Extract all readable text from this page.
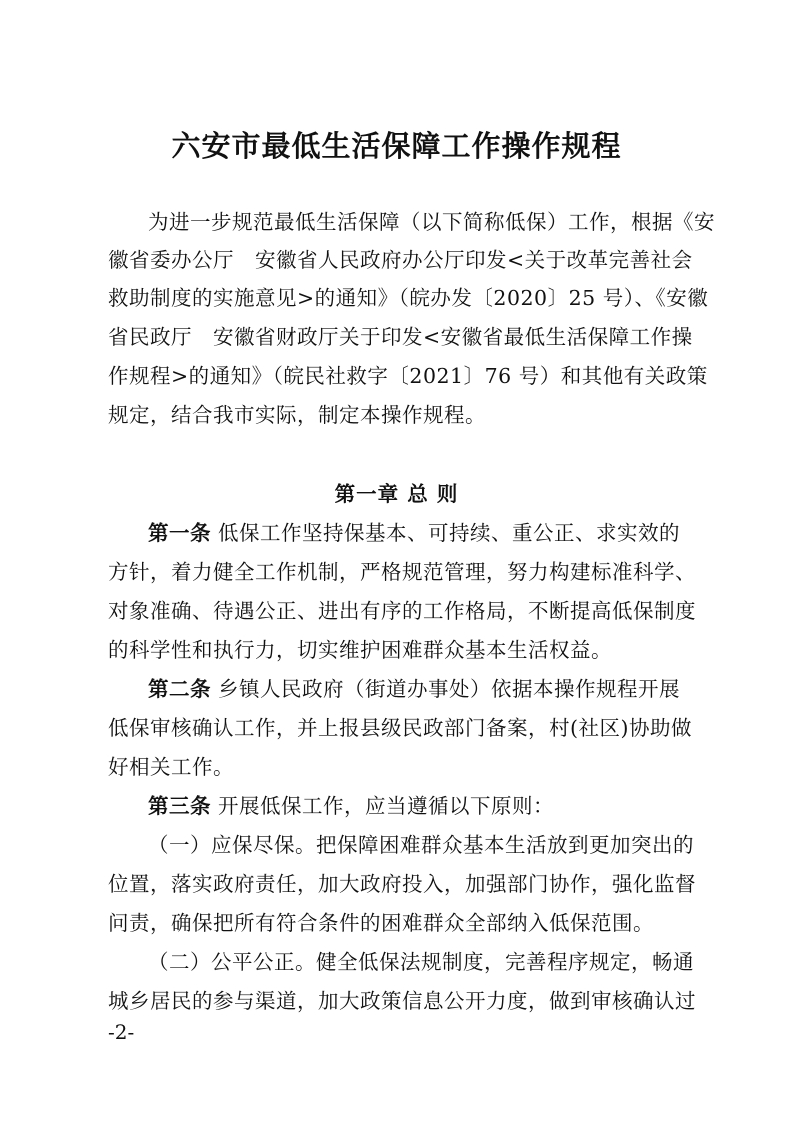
六安市最低生活保障工作操作规程
为进一步规范最低生活保障（以下简称低保）工作，根据《安
徽省委办公厅　安徽省人民政府办公厅印发<关于改革完善社会
救助制度的实施意见>的通知》（皖办发〔2020〕25 号）、《安徽
省民政厅　安徽省财政厅关于印发<安徽省最低生活保障工作操
作规程>的通知》（皖民社救字〔2021〕76 号）和其他有关政策
规定，结合我市实际，制定本操作规程。
第一章 总 则
第一条 低保工作坚持保基本、可持续、重公正、求实效的
方针，着力健全工作机制，严格规范管理，努力构建标准科学、
对象准确、待遇公正、进出有序的工作格局，不断提高低保制度
的科学性和执行力，切实维护困难群众基本生活权益。
第二条 乡镇人民政府（街道办事处）依据本操作规程开展
低保审核确认工作，并上报县级民政部门备案，村(社区)协助做
好相关工作。
第三条 开展低保工作，应当遵循以下原则：
（一）应保尽保。把保障困难群众基本生活放到更加突出的
位置，落实政府责任，加大政府投入，加强部门协作，强化监督
问责，确保把所有符合条件的困难群众全部纳入低保范围。
（二）公平公正。健全低保法规制度，完善程序规定，畅通
城乡居民的参与渠道，加大政策信息公开力度，做到审核确认过
-2-
